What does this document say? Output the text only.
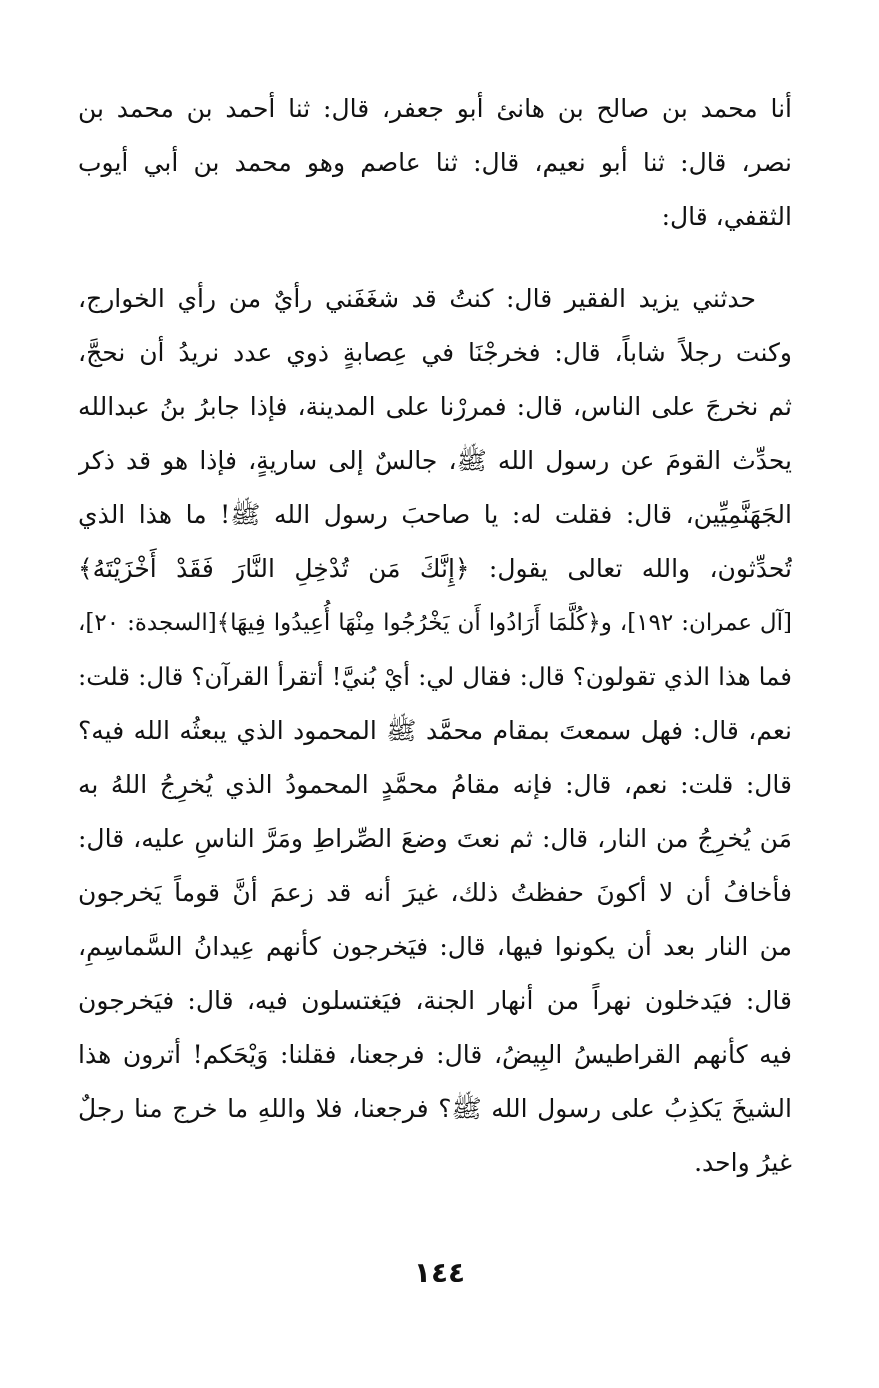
أنا محمد بن صالح بن هانئ أبو جعفر، قال: ثنا أحمد بن محمد بن
نصر، قال: ثنا أبو نعيم، قال: ثنا عاصم وهو محمد بن أبي أيوب
الثقفي، قال:
حدثني يزيد الفقير قال: كنتُ قد شغَفَني رأيٌ من رأي الخوارج،
وكنت رجلاً شاباً، قال: فخرجْنَا في عِصابةٍ ذوي عدد نريدُ أن نحجَّ،
ثم نخرجَ على الناس، قال: فمررْنا على المدينة، فإذا جابرُ بنُ عبدالله
يحدِّث القومَ عن رسول الله ﷺ، جالسٌ إلى ساريةٍ، فإذا هو قد ذكر
الجَهَنَّمِيِّين، قال: فقلت له: يا صاحبَ رسول الله ﷺ! ما هذا الذي
تُحدِّثون، والله تعالى يقول: ﴿إِنَّكَ مَن تُدْخِلِ النَّارَ فَقَدْ أَخْزَيْتَهُ﴾
[آل عمران: ١٩٢]، و﴿كُلَّمَا أَرَادُوا أَن يَخْرُجُوا مِنْهَا أُعِيدُوا فِيهَا﴾[السجدة: ٢٠]،
فما هذا الذي تقولون؟ قال: فقال لي: أيْ بُنيَّ! أتقرأ القرآن؟ قال: قلت:
نعم، قال: فهل سمعتَ بمقام محمَّد ﷺ المحمود الذي يبعثُه الله فيه؟
قال: قلت: نعم، قال: فإنه مقامُ محمَّدٍ المحمودُ الذي يُخرِجُ اللهُ به
مَن يُخرِجُ من النار، قال: ثم نعتَ وضعَ الصِّراطِ ومَرَّ الناسِ عليه، قال:
فأخافُ أن لا أكونَ حفظتُ ذلك، غيرَ أنه قد زعمَ أنَّ قوماً يَخرجون
من النار بعد أن يكونوا فيها، قال: فيَخرجون كأنهم عِيدانُ السَّماسِمِ،
قال: فيَدخلون نهراً من أنهار الجنة، فيَغتسلون فيه، قال: فيَخرجون
فيه كأنهم القراطيسُ البِيضُ، قال: فرجعنا، فقلنا: وَيْحَكم! أترون هذا
الشيخَ يَكذِبُ على رسول الله ﷺ؟ فرجعنا، فلا واللهِ ما خرج منا رجلٌ
غيرُ واحد.
١٤٤
